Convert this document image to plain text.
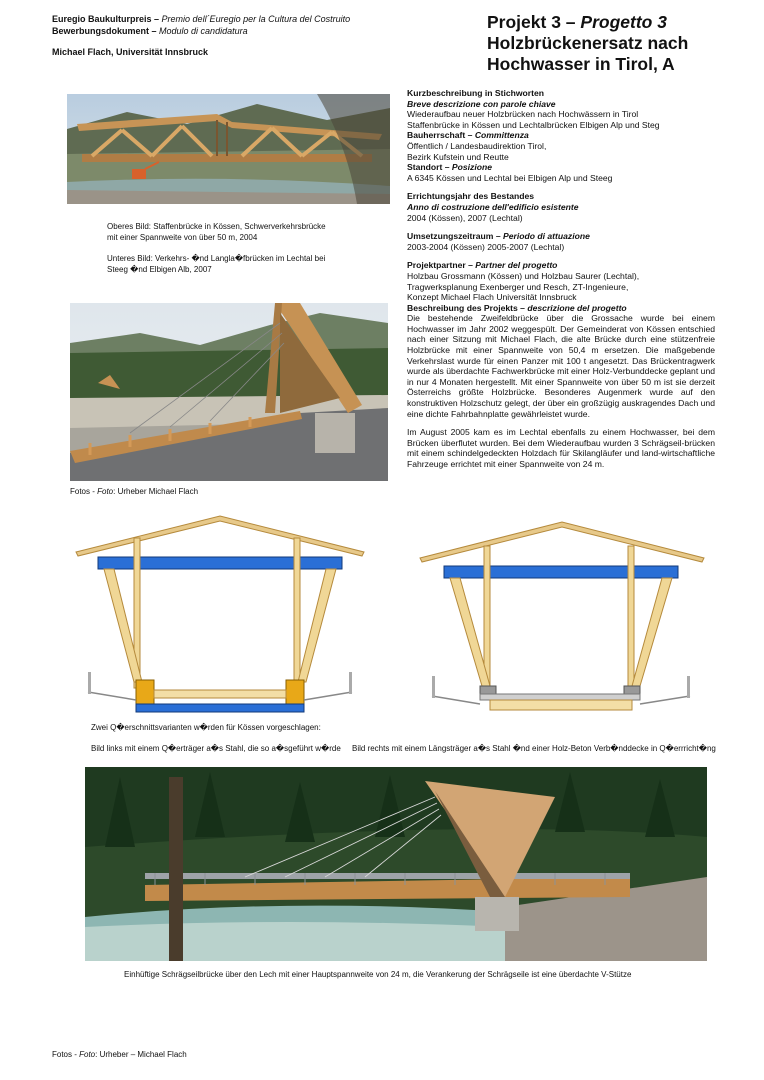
Euregio Baukulturpreis – Premio dell´Euregio per la Cultura del Costruito
Bewerbungsdokument – Modulo di candidatura
Michael Flach, Universität Innsbruck
Projekt 3 – Progetto 3
Holzbrückenersatz nach
Hochwasser in Tirol, A
Oberes Bild: Staffenbrücke in Kössen, Schwerverkehrsbrücke
mit einer Spannweite von über 50 m, 2004
Unteres Bild: Verkehrs- �nd Langla�fbrücken im Lechtal bei
Steeg �nd Elbigen Alb, 2007
Fotos - Foto: Urheber Michael Flach
Kurzbeschreibung in Stichworten
Breve descrizione con parole chiave
Wiederaufbau neuer Holzbrücken nach Hochwässern in Tirol
Staffenbrücke in Kössen und Lechtalbrücken Elbigen Alp und Steg
Bauherrschaft – Committenza
Öffentlich / Landesbaudirektion Tirol,
Bezirk Kufstein und Reutte
Standort – Posizione
A 6345 Kössen und Lechtal bei Elbigen Alp und Steeg
Errichtungsjahr des Bestandes
Anno di costruzione dell'edificio esistente
2004 (Kössen), 2007 (Lechtal)
Umsetzungszeitraum – Periodo di attuazione
2003-2004 (Kössen) 2005-2007 (Lechtal)
Projektpartner – Partner del progetto
Holzbau Grossmann (Kössen) und Holzbau Saurer (Lechtal),
Tragwerksplanung Exenberger und Resch, ZT-Ingenieure,
Konzept Michael Flach Universität Innsbruck
Beschreibung des Projekts – descrizione del progetto

Die bestehende Zweifeldbrücke über die Grossache wurde bei einem Hochwasser im Jahr 2002 weggespült. Der Gemeinderat von Kössen entschied nach einer Sitzung mit Michael Flach, die alte Brücke durch eine stützenfreie Holzbrücke mit einer Spannweite von 50,4 m ersetzen. Die maßgebende Verkehrslast wurde für einen Panzer mit 100 t angesetzt. Das Brückentragwerk wurde als überdachte Fachwerkbrücke mit einer Holz-Verbunddecke geplant und in nur 4 Monaten hergestellt. Mit einer Spannweite von über 50 m ist sie derzeit Österreichs größte Holzbrücke. Besonderes Augenmerk wurde auf den konstruktiven Holzschutz gelegt, der über ein großzügig auskragendes Dach und eine dichte Fahrbahnplatte gewährleistet wurde.

Im August 2005 kam es im Lechtal ebenfalls zu einem Hochwasser, bei dem Brücken überflutet wurden. Bei dem Wiederaufbau wurden 3 Schrägseil-brücken mit einem schindelgedeckten Holzdach für Skilangläufer und land-wirtschaftliche Fahrzeuge errichtet mit einer Spannweite von 24 m.

Zwei Q�erschnittsvarianten w�rden für Kössen vorgeschlagen:
Bild links mit einem Q�erträger a�s Stahl, die so a�sgeführt w�rde Bild rechts mit einem Längsträger a�s Stahl �nd einer Holz-Beton Verb�nddecke in Q�errricht�ng
Einhüftige Schrägseilbrücke über den Lech mit einer Hauptspannweite von 24 m, die Verankerung der Schrägseile ist eine überdachte V-Stütze
Fotos - Foto: Urheber – Michael Flach
